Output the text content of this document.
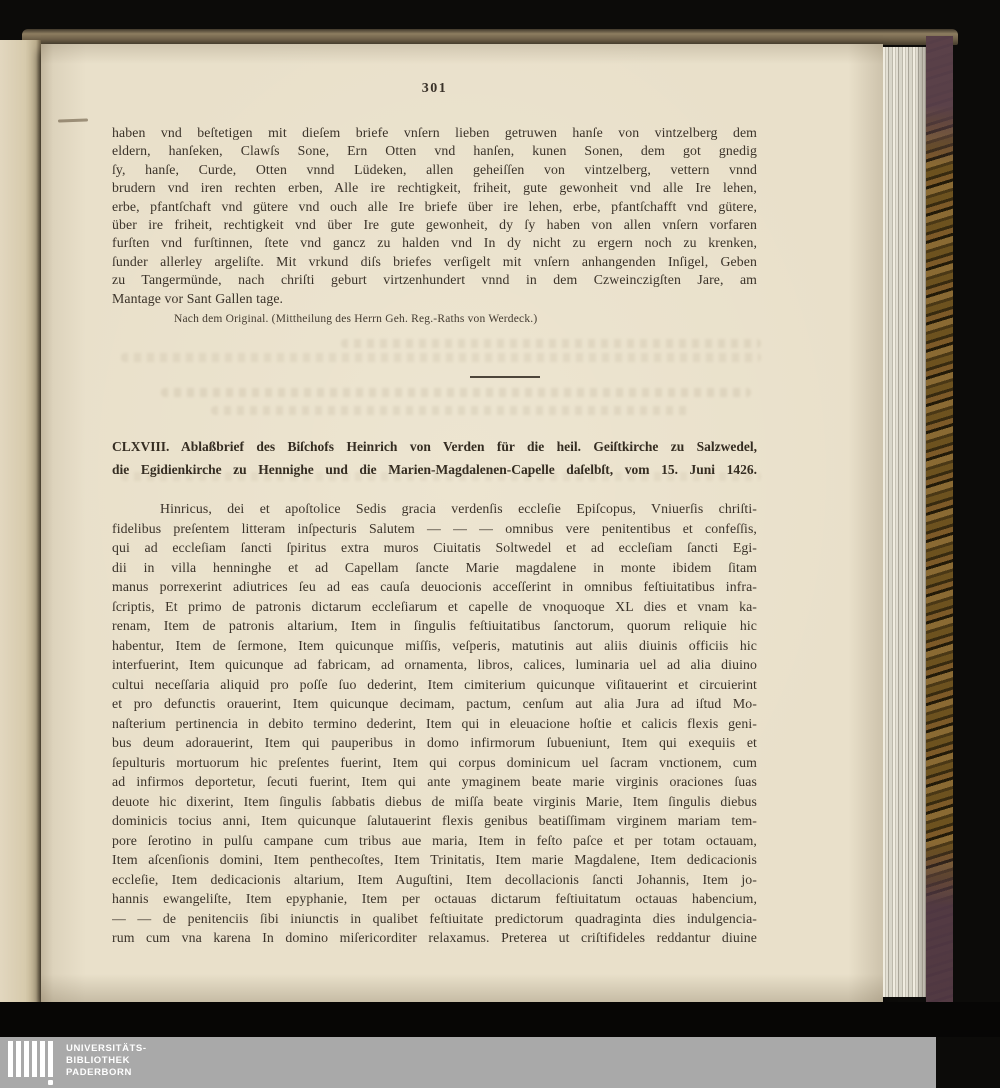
301
haben vnd beſtetigen mit dieſem briefe vnſern lieben getruwen hanſe von vintzelberg dem
eldern, hanſeken, Clawſs Sone, Ern Otten vnd hanſen, kunen Sonen, dem got gnedig
ſy, hanſe, Curde, Otten vnnd Lüdeken, allen geheiſſen von vintzelberg, vettern vnnd
brudern vnd iren rechten erben, Alle ire rechtigkeit, friheit, gute gewonheit vnd alle Ire lehen,
erbe, pfantſchaft vnd gütere vnd ouch alle Ire briefe über ire lehen, erbe, pfantſchafft vnd gütere,
über ire friheit, rechtigkeit vnd über Ire gute gewonheit, dy ſy haben von allen vnſern vorfaren
furſten vnd furſtinnen, ſtete vnd gancz zu halden vnd In dy nicht zu ergern noch zu krenken,
ſunder allerley argeliſte. Mit vrkund diſs briefes verſigelt mit vnſern anhangenden Inſigel, Geben
zu Tangermünde, nach chriſti geburt virtzenhundert vnnd in dem Czweinczigſten Jare, am
Mantage vor Sant Gallen tage.
Nach dem Original. (Mittheilung des Herrn Geh. Reg.-Raths von Werdeck.)
CLXVIII. Ablaßbrief des Biſchofs Heinrich von Verden für die heil. Geiſtkirche zu Salzwedel,
die Egidienkirche zu Hennighe und die Marien-Magdalenen-Capelle daſelbſt, vom 15. Juni 1426.
Hinricus, dei et apoſtolice Sedis gracia verdenſis eccleſie Epiſcopus, Vniuerſis chriſti-
fidelibus preſentem litteram inſpecturis Salutem — — — omnibus vere penitentibus et confeſſis,
qui ad eccleſiam ſancti ſpiritus extra muros Ciuitatis Soltwedel et ad eccleſiam ſancti Egi-
dii in villa henninghe et ad Capellam ſancte Marie magdalene in monte ibidem ſitam
manus porrexerint adiutrices ſeu ad eas cauſa deuocionis acceſſerint in omnibus feſtiuitatibus infra-
ſcriptis, Et primo de patronis dictarum eccleſiarum et capelle de vnoquoque XL dies et vnam ka-
renam, Item de patronis altarium, Item in ſingulis feſtiuitatibus ſanctorum, quorum reliquie hic
habentur, Item de ſermone, Item quicunque miſſis, veſperis, matutinis aut aliis diuinis officiis hic
interfuerint, Item quicunque ad fabricam, ad ornamenta, libros, calices, luminaria uel ad alia diuino
cultui neceſſaria aliquid pro poſſe ſuo dederint, Item cimiterium quicunque viſitauerint et circuierint
et pro defunctis orauerint, Item quicunque decimam, pactum, cenſum aut alia Jura ad iſtud Mo-
naſterium pertinencia in debito termino dederint, Item qui in eleuacione hoſtie et calicis flexis geni-
bus deum adorauerint, Item qui pauperibus in domo infirmorum ſubueniunt, Item qui exequiis et
ſepulturis mortuorum hic preſentes fuerint, Item qui corpus dominicum uel ſacram vnctionem, cum
ad infirmos deportetur, ſecuti fuerint, Item qui ante ymaginem beate marie virginis oraciones ſuas
deuote hic dixerint, Item ſingulis ſabbatis diebus de miſſa beate virginis Marie, Item ſingulis diebus
dominicis tocius anni, Item quicunque ſalutauerint flexis genibus beatiſſimam virginem mariam tem-
pore ſerotino in pulſu campane cum tribus aue maria, Item in feſto paſce et per totam octauam,
Item aſcenſionis domini, Item penthecoſtes, Item Trinitatis, Item marie Magdalene, Item dedicacionis
eccleſie, Item dedicacionis altarium, Item Auguſtini, Item decollacionis ſancti Johannis, Item jo-
hannis ewangeliſte, Item epyphanie, Item per octauas dictarum feſtiuitatum octauas habencium,
— — de penitenciis ſibi iniunctis in qualibet feſtiuitate predictorum quadraginta dies indulgencia-
rum cum vna karena In domino miſericorditer relaxamus. Preterea ut criſtifideles reddantur diuine
UNIVERSITÄTS-
BIBLIOTHEK
PADERBORN
